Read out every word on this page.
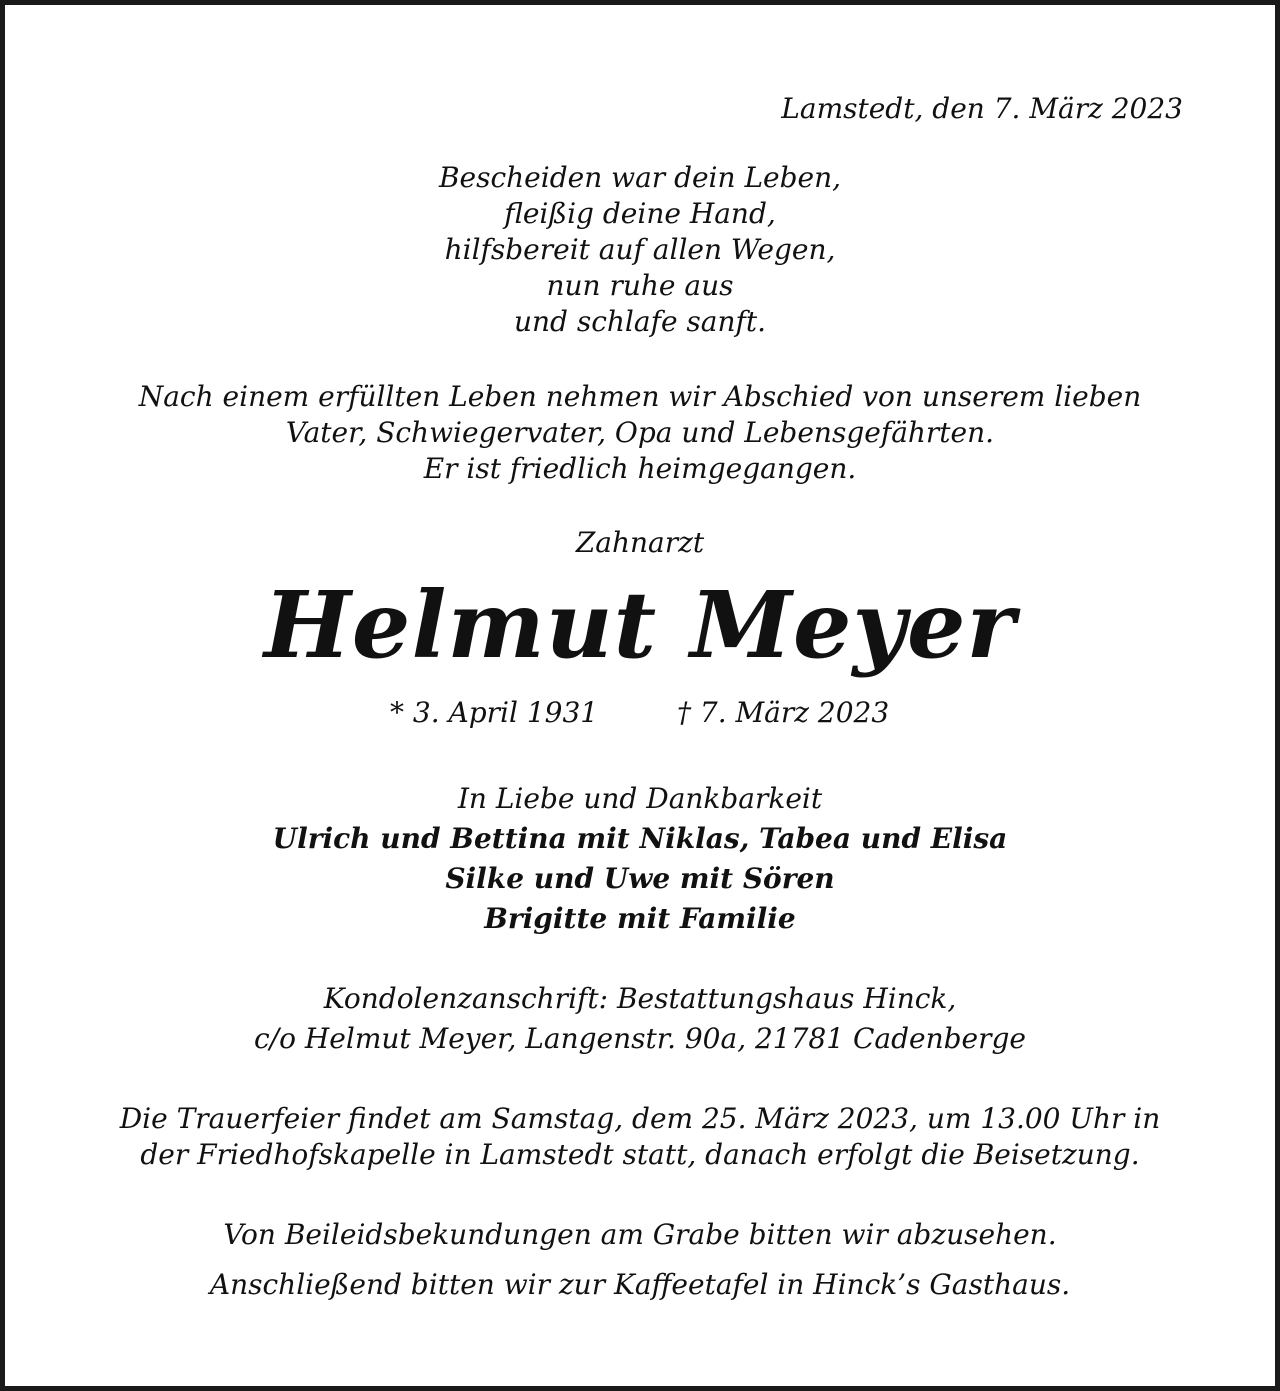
Lamstedt, den 7. März 2023
Bescheiden war dein Leben,
fleißig deine Hand,
hilfsbereit auf allen Wegen,
nun ruhe aus
und schlafe sanft.
Nach einem erfüllten Leben nehmen wir Abschied von unserem lieben
Vater, Schwiegervater, Opa und Lebensgefährten.
Er ist friedlich heimgegangen.
Zahnarzt
Helmut Meyer
* 3. April 1931	† 7. März 2023
In Liebe und Dankbarkeit
Ulrich und Bettina mit Niklas, Tabea und Elisa
Silke und Uwe mit Sören
Brigitte mit Familie
Kondolenzanschrift: Bestattungshaus Hinck,
c/o Helmut Meyer, Langenstr. 90a, 21781 Cadenberge
Die Trauerfeier findet am Samstag, dem 25. März 2023, um 13.00 Uhr in
der Friedhofskapelle in Lamstedt statt, danach erfolgt die Beisetzung.
Von Beileidsbekundungen am Grabe bitten wir abzusehen.
Anschließend bitten wir zur Kaffeetafel in Hinck’s Gasthaus.
